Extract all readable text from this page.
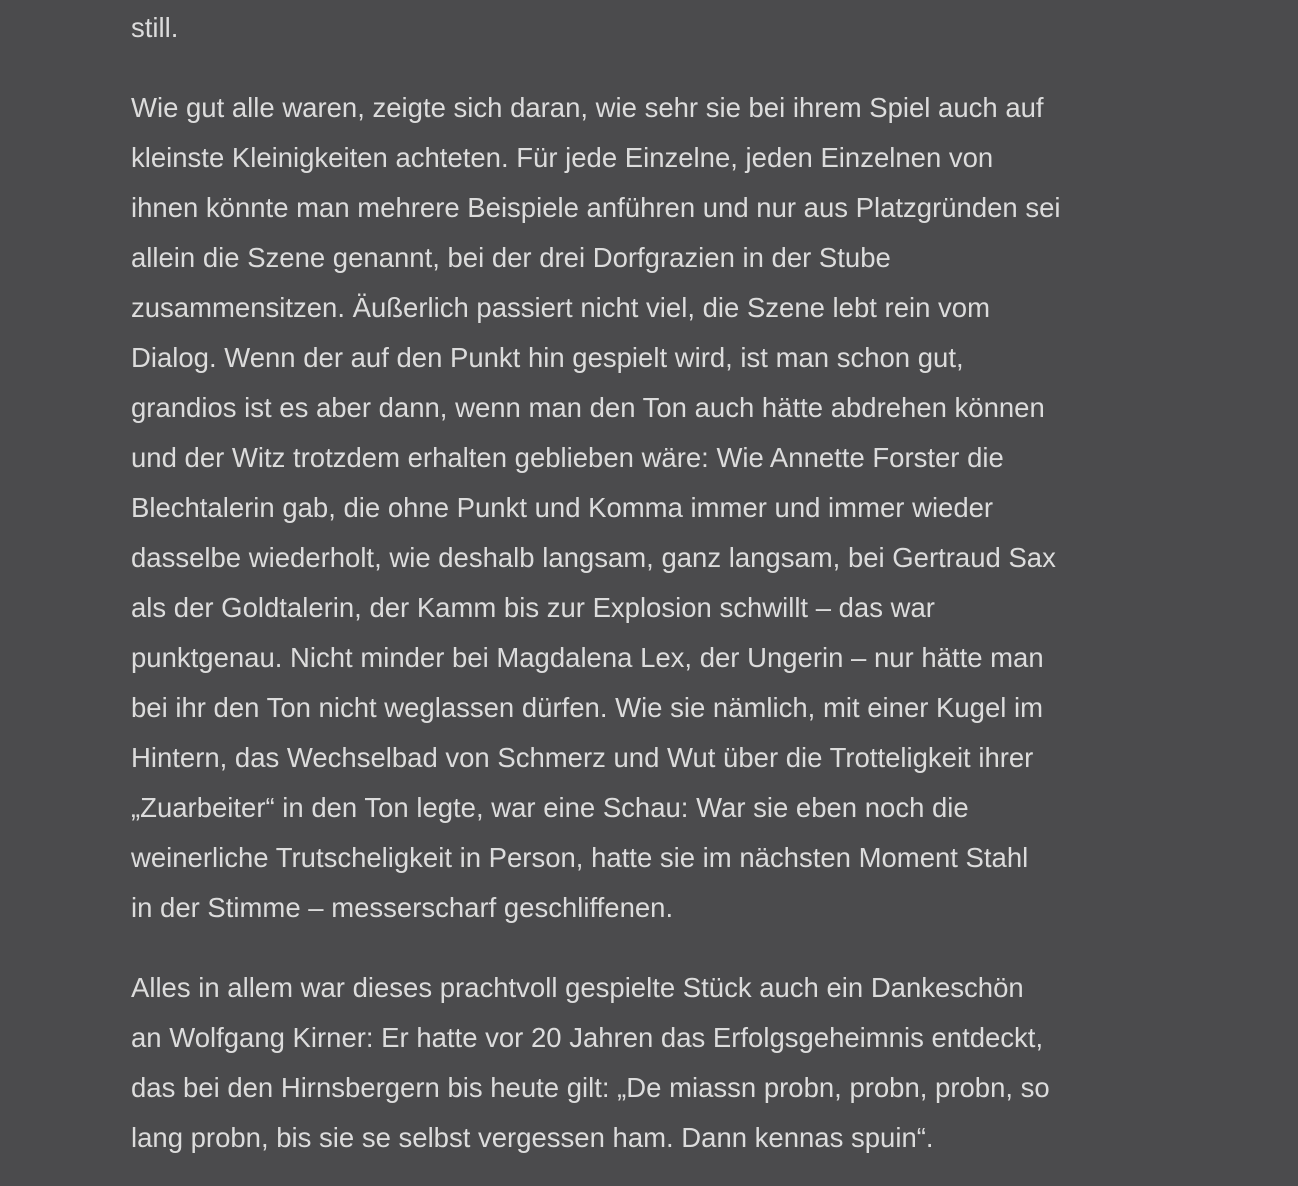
still.

Wie gut alle waren, zeigte sich daran, wie sehr sie bei ihrem Spiel auch auf
kleinste Kleinigkeiten achteten. Für jede Einzelne, jeden Einzelnen von
ihnen könnte man mehrere Beispiele anführen und nur aus Platzgründen sei
allein die Szene genannt, bei der drei Dorfgrazien in der Stube
zusammensitzen. Äußerlich passiert nicht viel, die Szene lebt rein vom
Dialog. Wenn der auf den Punkt hin gespielt wird, ist man schon gut,
grandios ist es aber dann, wenn man den Ton auch hätte abdrehen können
und der Witz trotzdem erhalten geblieben wäre: Wie Annette Forster die
Blechtalerin gab, die ohne Punkt und Komma immer und immer wieder
dasselbe wiederholt, wie deshalb langsam, ganz langsam, bei Gertraud Sax
als der Goldtalerin, der Kamm bis zur Explosion schwillt – das war
punktgenau. Nicht minder bei Magdalena Lex, der Ungerin – nur hätte man
bei ihr den Ton nicht weglassen dürfen. Wie sie nämlich, mit einer Kugel im
Hintern, das Wechselbad von Schmerz und Wut über die Trotteligkeit ihrer
„Zuarbeiter“ in den Ton legte, war eine Schau: War sie eben noch die
weinerliche Trutscheligkeit in Person, hatte sie im nächsten Moment Stahl
in der Stimme – messerscharf geschliffenen.

Alles in allem war dieses prachtvoll gespielte Stück auch ein Dankeschön
an Wolfgang Kirner: Er hatte vor 20 Jahren das Erfolgsgeheimnis entdeckt,
das bei den Hirnsbergern bis heute gilt: „De miassn probn, probn, probn, so
lang probn, bis sie se selbst vergessen ham. Dann kennas spuin“.
